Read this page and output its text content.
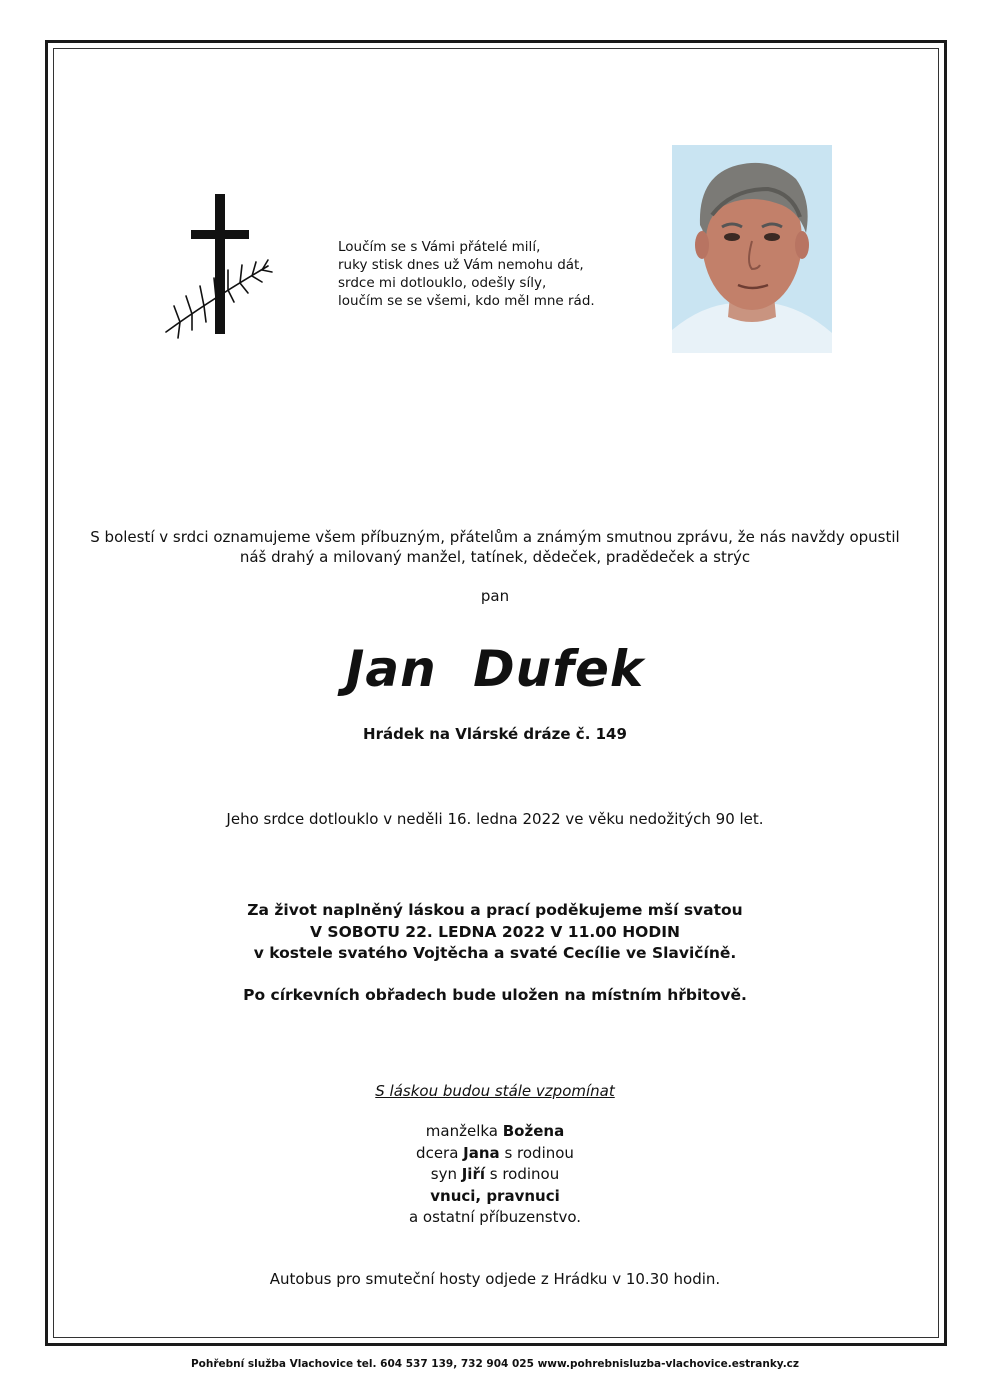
Loučím se s Vámi přátelé milí,
ruky stisk dnes už Vám nemohu dát,
srdce mi dotlouklo, odešly síly,
loučím se se všemi, kdo měl mne rád.
S bolestí v srdci oznamujeme všem příbuzným, přátelům a známým smutnou zprávu, že nás navždy opustil
náš drahý a milovaný manžel, tatínek, dědeček, pradědeček a strýc
pan
Jan Dufek
Hrádek na Vlárské dráze č. 149
Jeho srdce dotlouklo v neděli 16. ledna 2022 ve věku nedožitých 90 let.
Za život naplněný láskou a prací poděkujeme mší svatou
V SOBOTU 22. LEDNA 2022 V 11.00 HODIN
v kostele svatého Vojtěcha a svaté Cecílie ve Slavičíně.
Po církevních obřadech bude uložen na místním hřbitově.
S láskou budou stále vzpomínat
manželka Božena
dcera Jana s rodinou
syn Jiří s rodinou
vnuci, pravnuci
a ostatní příbuzenstvo.
Autobus pro smuteční hosty odjede z Hrádku v 10.30 hodin.
Pohřební služba Vlachovice tel. 604 537 139, 732 904 025 www.pohrebnisluzba-vlachovice.estranky.cz
